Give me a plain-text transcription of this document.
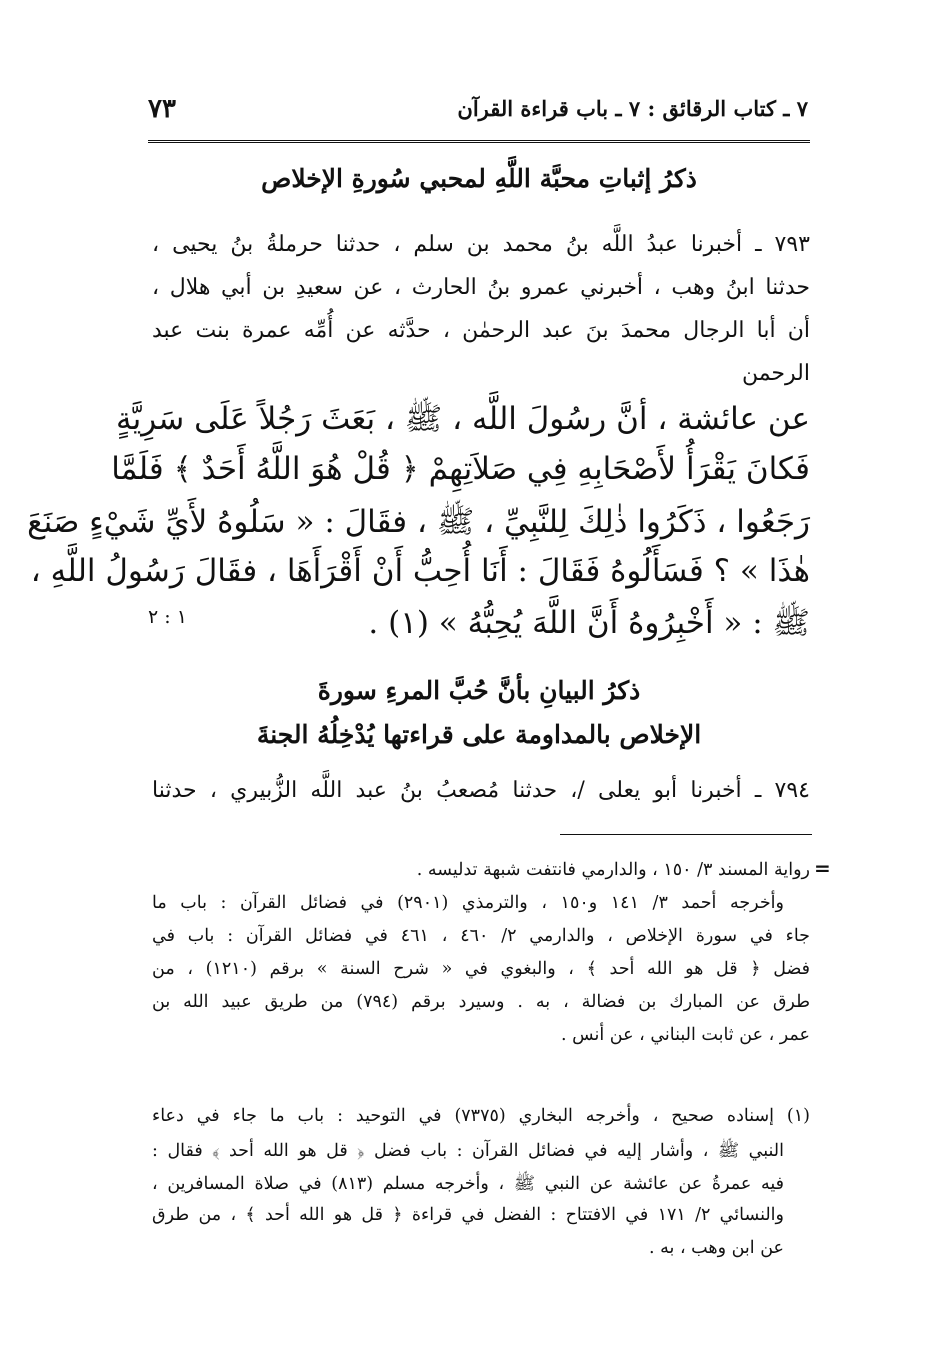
٧ ـ كتاب الرقائق : ٧ ـ باب قراءة القرآن
٧٣
ذكرُ إثباتِ محبَّة اللَّهِ لمحبي سُورةِ الإخلاص
٧٩٣ ـ أخبرنا عبدُ اللَّه بنُ محمد بن سلم ، حدثنا حرملةُ بنُ يحيى ،
حدثنا ابنُ وهب ، أخبرني عمرو بنُ الحارث ، عن سعيدِ بن أبي هلال ،
أن أبا الرجال محمدَ بنَ عبد الرحمٰن ، حدَّثه عن أُمِّه عمرة بنت عبد
الرحمن
عن عائشة ، أنَّ رسُولَ اللَّه ، ﷺ ، بَعَثَ رَجُلاً عَلَى سَرِيَّةٍ
فَكانَ يَقْرَأُ لأَصْحَابِهِ فِي صَلاَتِهِمْ ﴿ قُلْ هُوَ اللَّهُ أَحَدٌ ﴾ فَلَمَّا
رَجَعُوا ، ذَكَرُوا ذٰلِكَ لِلنَّبِيِّ ، ﷺ ، فقَالَ : « سَلُوهُ لأَيِّ شَيْءٍ صَنَعَ
هٰذَا » ؟ فَسَأَلُوهُ فَقَالَ : أَنَا أُحِبُّ أَنْ أَقْرَأَهَا ، فقَالَ رَسُولُ اللَّهِ ،
ﷺ : « أَخْبِرُوهُ أَنَّ اللَّهَ يُحِبُّهُ » (١) .
١ : ٢
ذكرُ البيانِ بأنَّ حُبَّ المرءِ سورةَ
الإخلاص بالمداومة على قراءتها يُدْخِلُهُ الجنةَ
٧٩٤ ـ أخبرنا أبو يعلى /، حدثنا مُصعبُ بنُ عبد اللَّه الزُّبيري ، حدثنا
=
رواية المسند ٣/ ١٥٠ ، والدارمي فانتفت شبهة تدليسه .
وأخرجه أحمد ٣/ ١٤١ و١٥٠ ، والترمذي (٢٩٠١) في فضائل القرآن : باب ما
جاء في سورة الإخلاص ، والدارمي ٢/ ٤٦٠ ، ٤٦١ في فضائل القرآن : باب في
فضل ﴿ قل هو الله أحد ﴾ ، والبغوي في « شرح السنة » برقم (١٢١٠) ، من
طرق عن المبارك بن فضالة ، به . وسيرد برقم (٧٩٤) من طريق عبيد الله بن
عمر ، عن ثابت البناني ، عن أنس .
(١) إسناده صحيح ، وأخرجه البخاري (٧٣٧٥) في التوحيد : باب ما جاء في دعاء
النبي ﷺ ، وأشار إليه في فضائل القرآن : باب فضل ﴿ قل هو الله أحد ﴾ فقال :
فيه عمرةُ عن عائشة عن النبي ﷺ ، وأخرجه مسلم (٨١٣) في صلاة المسافرين ،
والنسائي ٢/ ١٧١ في الافتتاح : الفضل في قراءة ﴿ قل هو الله أحد ﴾ ، من طرق
عن ابن وهب ، به .
